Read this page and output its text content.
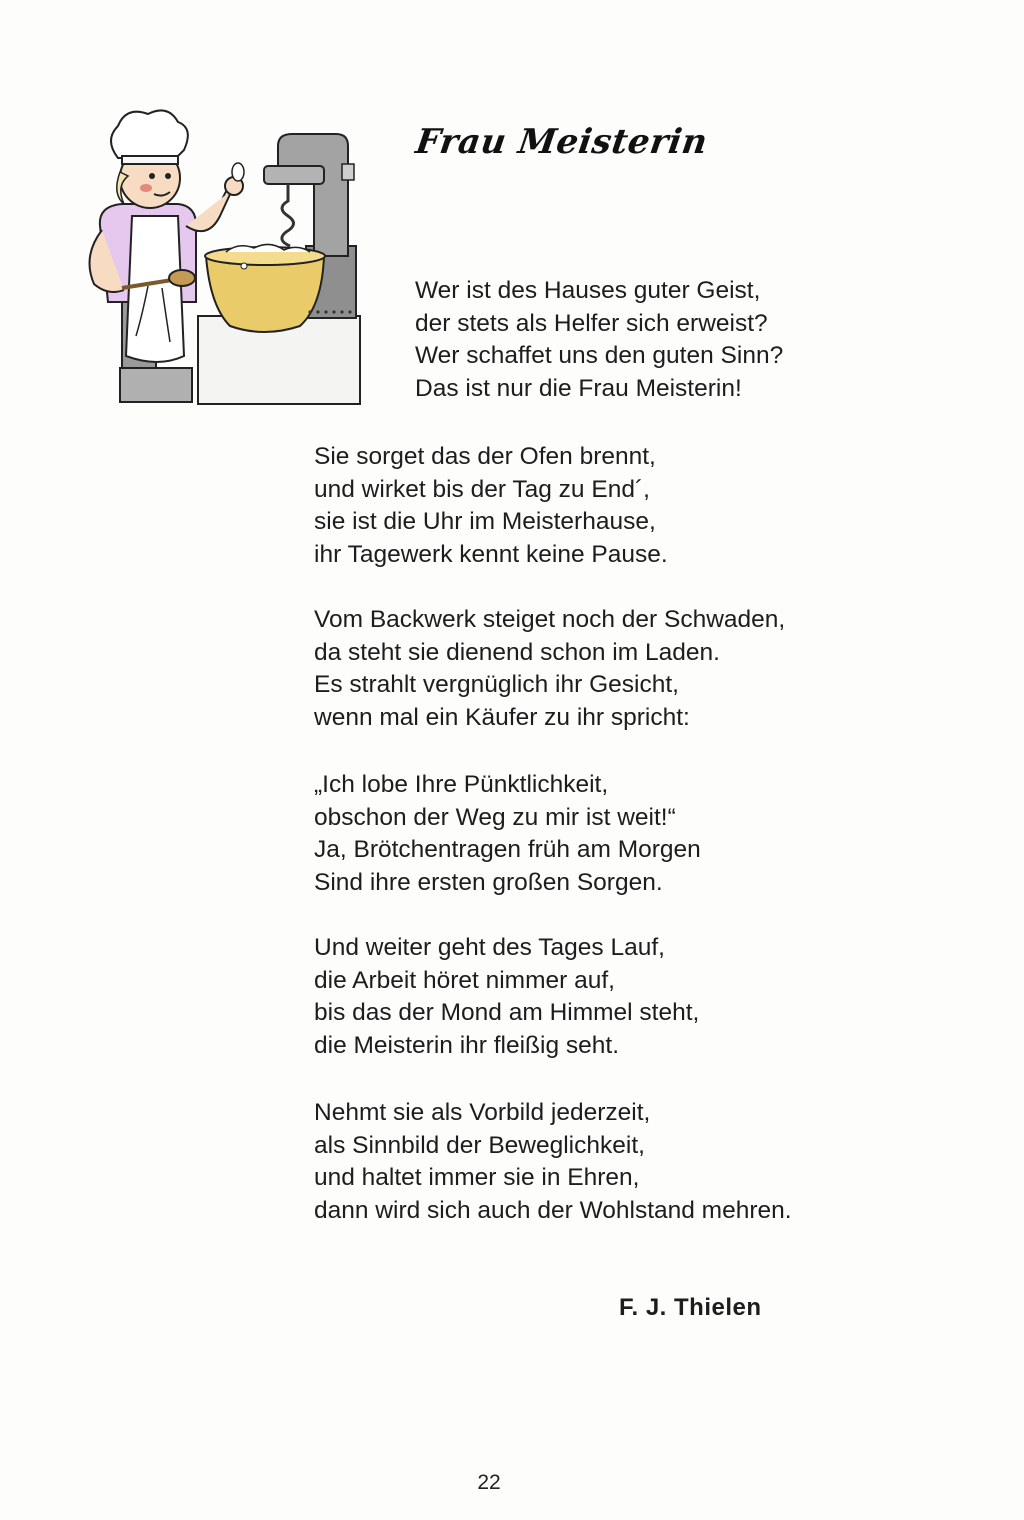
Frau Meisterin

Wer ist des Hauses guter Geist,
der stets als Helfer sich erweist?
Wer schaffet uns den guten Sinn?
Das ist nur die Frau Meisterin!

Sie sorget das der Ofen brennt,
und wirket bis der Tag zu End´,
sie ist die Uhr im Meisterhause,
ihr Tagewerk kennt keine Pause.

Vom Backwerk steiget noch der Schwaden,
da steht sie dienend schon im Laden.
Es strahlt vergnüglich ihr Gesicht,
wenn mal ein Käufer zu ihr spricht:

„Ich lobe Ihre Pünktlichkeit,
obschon der Weg zu mir ist weit!“
Ja, Brötchentragen früh am Morgen
Sind ihre ersten großen Sorgen.

Und weiter geht des Tages Lauf,
die Arbeit höret nimmer auf,
bis das der Mond am Himmel steht,
die Meisterin ihr fleißig seht.

Nehmt sie als Vorbild jederzeit,
als Sinnbild der Beweglichkeit,
und haltet immer sie in Ehren,
dann wird sich auch der Wohlstand mehren.

F. J. Thielen

22
